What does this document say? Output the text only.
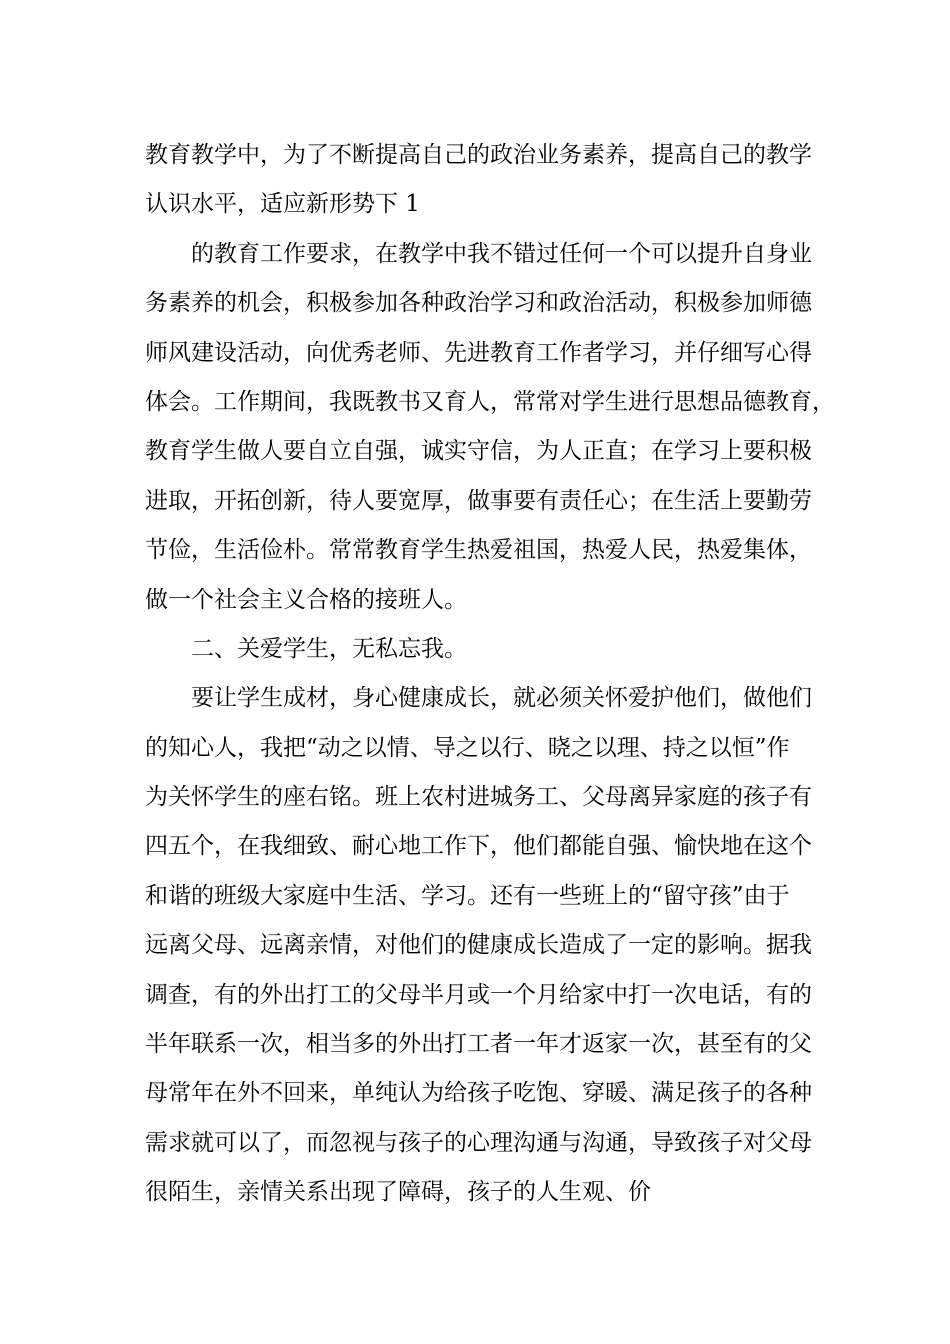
教育教学中，为了不断提高自己的政治业务素养，提高自己的教学
认识水平，适应新形势下 1
的教育工作要求，在教学中我不错过任何一个可以提升自身业
务素养的机会，积极参加各种政治学习和政治活动，积极参加师德
师风建设活动，向优秀老师、先进教育工作者学习，并仔细写心得
体会。工作期间，我既教书又育人，常常对学生进行思想品德教育，
教育学生做人要自立自强，诚实守信，为人正直；在学习上要积极
进取，开拓创新，待人要宽厚，做事要有责任心；在生活上要勤劳
节俭，生活俭朴。常常教育学生热爱祖国，热爱人民，热爱集体，
做一个社会主义合格的接班人。
二、关爱学生，无私忘我。
要让学生成材，身心健康成长，就必须关怀爱护他们，做他们
的知心人，我把“动之以情、导之以行、晓之以理、持之以恒”作
为关怀学生的座右铭。班上农村进城务工、父母离异家庭的孩子有
四五个，在我细致、耐心地工作下，他们都能自强、愉快地在这个
和谐的班级大家庭中生活、学习。还有一些班上的“留守孩”由于
远离父母、远离亲情，对他们的健康成长造成了一定的影响。据我
调查，有的外出打工的父母半月或一个月给家中打一次电话，有的
半年联系一次，相当多的外出打工者一年才返家一次，甚至有的父
母常年在外不回来，单纯认为给孩子吃饱、穿暖、满足孩子的各种
需求就可以了，而忽视与孩子的心理沟通与沟通，导致孩子对父母
很陌生，亲情关系出现了障碍，孩子的人生观、价
